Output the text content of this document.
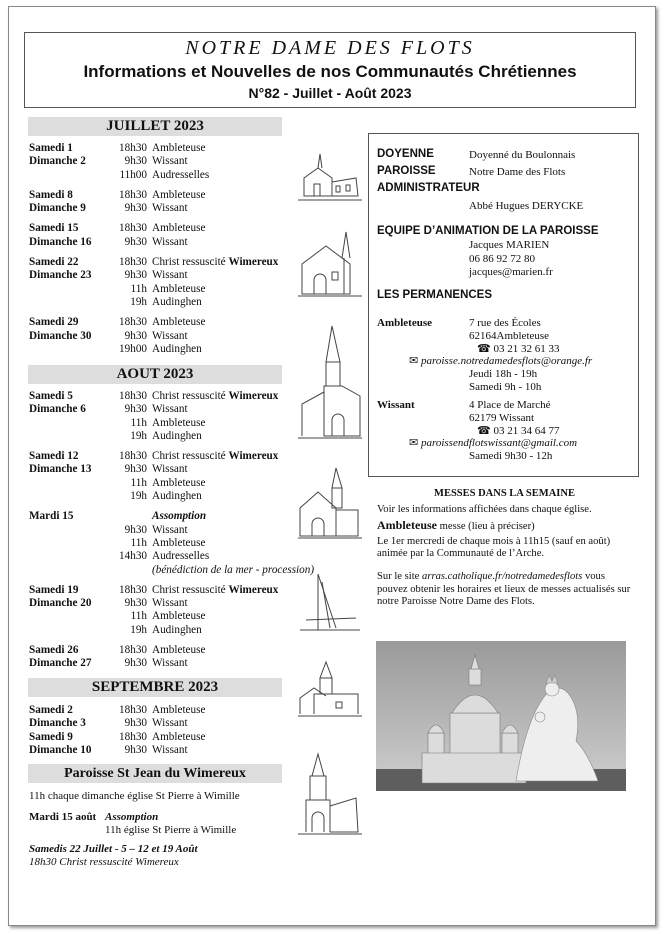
NOTRE DAME DES FLOTS
Informations et Nouvelles de nos Communautés Chrétiennes
N°82 - Juillet - Août 2023
JUILLET 2023
Samedi 1	18h30 Ambleteuse
Dimanche 2	9h30 Wissant
11h00 Audresselles
Samedi 8	18h30 Ambleteuse
Dimanche 9	9h30 Wissant
Samedi 15	18h30 Ambleteuse
Dimanche 16	9h30 Wissant
Samedi 22	18h30 Christ ressuscité Wimereux
Dimanche 23	9h30 Wissant
11h Ambleteuse
19h Audinghen
Samedi 29	18h30 Ambleteuse
Dimanche 30	9h30 Wissant
19h00 Audinghen
AOUT 2023
Samedi 5	18h30 Christ ressuscité Wimereux
Dimanche 6	9h30 Wissant
11h Ambleteuse
19h Audinghen
Samedi 12	18h30 Christ ressuscité Wimereux
Dimanche 13	9h30 Wissant
11h Ambleteuse
19h Audinghen
Mardi 15	Assomption
9h30 Wissant
11h Ambleteuse
14h30 Audresselles
(bénédiction de la mer - procession)
Samedi 19	18h30 Christ ressuscité Wimereux
Dimanche 20	9h30 Wissant
11h Ambleteuse
19h Audinghen
Samedi 26	18h30 Ambleteuse
Dimanche 27	9h30 Wissant
SEPTEMBRE 2023
Samedi 2	18h30 Ambleteuse
Dimanche 3	9h30 Wissant
Samedi 9	18h30 Ambleteuse
Dimanche 10	9h30 Wissant
Paroisse St Jean du Wimereux
11h chaque dimanche église St Pierre à Wimille
Mardi 15 août Assomption
11h église St Pierre à Wimille
Samedis 22 Juillet - 5 – 12 et 19 Août
18h30 Christ ressuscité Wimereux
DOYENNE	Doyenné du Boulonnais
PAROISSE	Notre Dame des Flots
ADMINISTRATEUR
Abbé Hugues DERYCKE
EQUIPE D’ANIMATION DE LA PAROISSE
Jacques MARIEN
06 86 92 72 80
jacques@marien.fr
LES PERMANENCES
Ambleteuse	7 rue des Écoles
62164Ambleteuse
☎ 03 21 32 61 33
✉ paroisse.notredamedesflots@orange.fr
Jeudi 18h - 19h
Samedi 9h - 10h
Wissant	4 Place de Marché
62179 Wissant
☎ 03 21 34 64 77
✉ paroissendflotswissant@gmail.com
Samedi 9h30 - 12h
MESSES DANS LA SEMAINE
Voir les informations affichées dans chaque église.
Ambleteuse messe (lieu à préciser)
Le 1er mercredi de chaque mois à 11h15 (sauf en août) animée par la Communauté de l’Arche.
Sur le site arras.catholique.fr/notredamedesflots vous pouvez obtenir les horaires et lieux de messes actualisés sur notre Paroisse Notre Dame des Flots.
